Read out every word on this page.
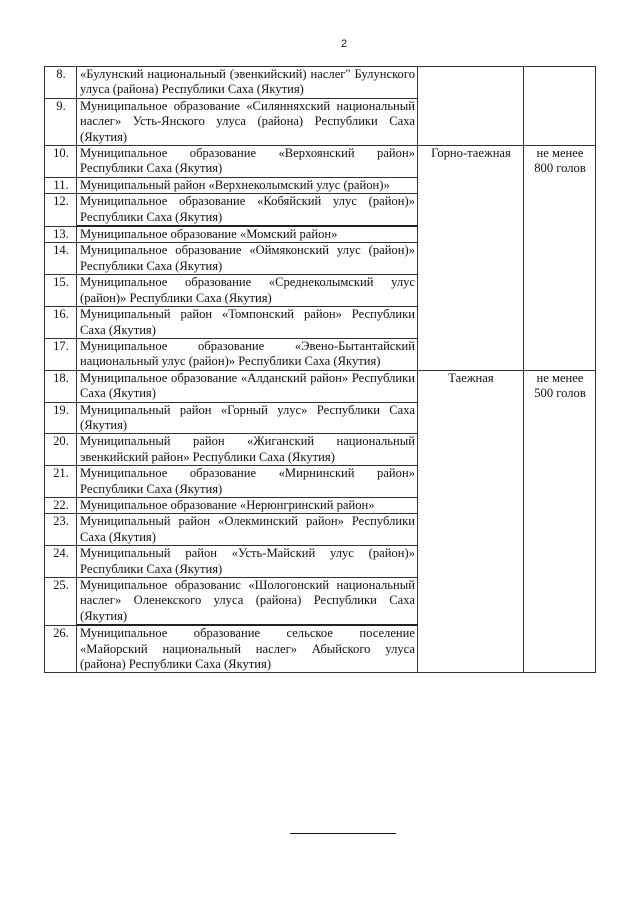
2
8.	«Булунский национальный (эвенкийский) наслег" Булунского улуса (района) Республики Саха (Якутия)		
9.	Муниципальное образование «Силянняхский национальный наслег» Усть-Янского улуса (района) Республики Саха (Якутия)		
10.	Муниципальное образование «Верхоянский район» Республики Саха (Якутия)	Горно-таежная	не менее 800 голов
11.	Муниципальный район «Верхнеколымский улус (район)»		
12.	Муниципальное образование «Кобяйский улус (район)» Республики Саха (Якутия)		
13.	Муниципальное образование «Момский район»		
14.	Муниципальное образование «Оймяконский улус (район)» Республики Саха (Якутия)		
15.	Муниципальное образование «Среднеколымский улус (район)» Республики Саха (Якутия)		
16.	Муниципальный район «Томпонский район» Республики Саха (Якутия)		
17.	Муниципальное образование «Эвено-Бытантайский национальный улус (район)» Республики Саха (Якутия)		
18.	Муниципальное образование «Алданский район» Республики Саха (Якутия)	Таежная	не менее 500 голов
19.	Муниципальный район «Горный улус» Республики Саха (Якутия)		
20.	Муниципальный район «Жиганский национальный эвенкийский район» Республики Саха (Якутия)		
21.	Муниципальное образование «Мирнинский район» Республики Саха (Якутия)		
22.	Муниципальное образование «Нерюнгринский район»		
23.	Муниципальный район «Олекминский район» Республики Саха (Якутия)		
24.	Муниципальный район «Усть-Майский улус (район)» Республики Саха (Якутия)		
25.	Муниципальное образованис «Шологонский национальный наслег» Оленекского улуса (района) Республики Саха (Якутия)		
26.	Муниципальное образование сельское поселение «Майорский национальный наслег» Абыйского улуса (района) Республики Саха (Якутия)		
